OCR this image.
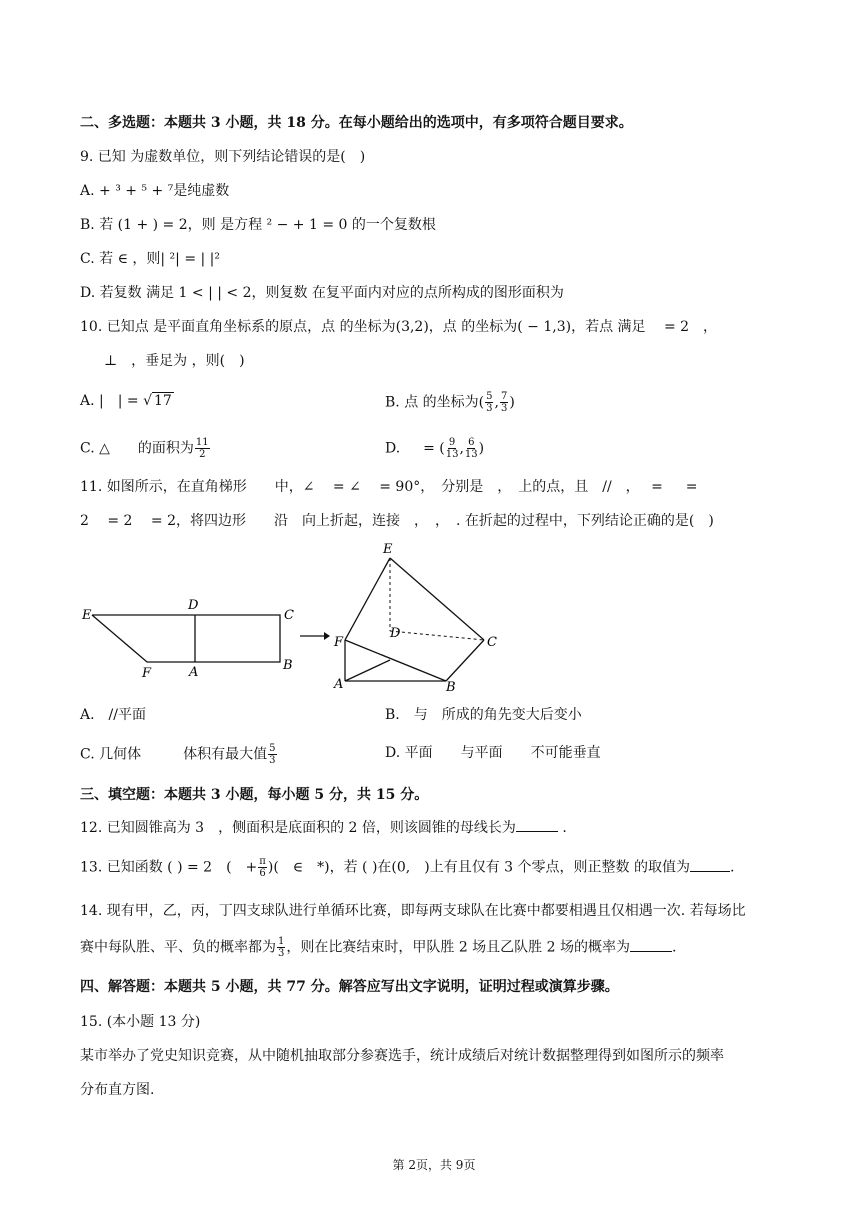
二、多选题：本题共 3 小题，共 18 分。在每小题给出的选项中，有多项符合题目要求。
9. 已知 为虚数单位，则下列结论错误的是(　)
A. + ³ + ⁵ + ⁷是纯虚数
B. 若 (1 + ) = 2，则 是方程 ² − + 1 = 0 的一个复数根
C. 若 ∈ ，则| ²| = | |²
D. 若复数 满足 1 < | | < 2，则复数 在复平面内对应的点所构成的图形面积为
10. 已知点 是平面直角坐标系的原点，点 的坐标为(3,2)，点 的坐标为( − 1,3)，若点 满足　 = 2　，
⊥　，垂足为 ，则(　)
A. |　| = √ 17	B. 点 的坐标为( $\frac{5}{3}$ , $\frac{7}{3}$ )
C. △　　的面积为 $\frac{11}{2}$	D. 　 = ( $\frac{9}{13}$ , $\frac{6}{13}$ )
11. 如图所示，在直角梯形　　中，∠　 = ∠　 = 90°，　分别是　，　上的点，且　//　，　 = 　 =
2　 = 2　 = 2，将四边形　　沿　向上折起，连接　，　，　. 在折起的过程中，下列结论正确的是(　)
E
D
C
F	A	B
E
D
C
F
A	B
A.　//平面	B.　与　所成的角先变大后变小
C. 几何体　　　体积有最大值 $\frac{5}{3}$	D. 平面　　与平面　　不可能垂直
三、填空题：本题共 3 小题，每小题 5 分，共 15 分。
12. 已知圆锥高为 3　，侧面积是底面积的 2 倍，则该圆锥的母线长为	.
13. 已知函数 ( ) = 2　(　+ $\frac{\pi}{6}$ )(　∈　*)，若 ( )在(0,　)上有且仅有 3 个零点，则正整数 的取值为	.
14. 现有甲，乙，丙，丁四支球队进行单循环比赛，即每两支球队在比赛中都要相遇且仅相遇一次. 若每场比
赛中每队胜、平、负的概率都为 $\frac{1}{3}$ ，则在比赛结束时，甲队胜 2 场且乙队胜 2 场的概率为	.
四、解答题：本题共 5 小题，共 77 分。解答应写出文字说明，证明过程或演算步骤。
15. (本小题 13 分)
某市举办了党史知识竞赛，从中随机抽取部分参赛选手，统计成绩后对统计数据整理得到如图所示的频率
分布直方图.
第 2页，共 9页
